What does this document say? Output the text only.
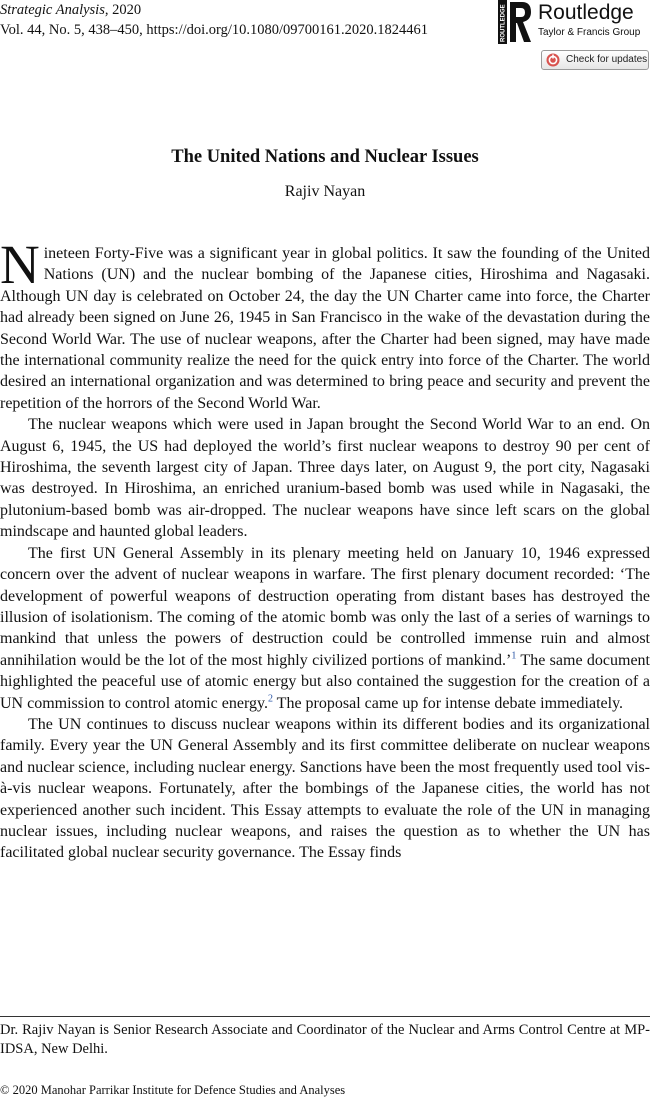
Strategic Analysis, 2020
Vol. 44, No. 5, 438–450, https://doi.org/10.1080/09700161.2020.1824461	ROUTLEDGE Routledge
Taylor & Francis Group
Check for updates
The United Nations and Nuclear Issues
Rajiv Nayan

Nineteen Forty-Five was a significant year in global politics. It saw the founding of the United Nations (UN) and the nuclear bombing of the Japanese cities, Hiroshima and Nagasaki. Although UN day is celebrated on October 24, the day the UN Charter came into force, the Charter had already been signed on June 26, 1945 in San Francisco in the wake of the devastation during the Second World War. The use of nuclear weapons, after the Charter had been signed, may have made the international community realize the need for the quick entry into force of the Charter. The world desired an international organization and was determined to bring peace and security and prevent the repetition of the horrors of the Second World War.

The nuclear weapons which were used in Japan brought the Second World War to an end. On August 6, 1945, the US had deployed the world’s first nuclear weapons to destroy 90 per cent of Hiroshima, the seventh largest city of Japan. Three days later, on August 9, the port city, Nagasaki was destroyed. In Hiroshima, an enriched uranium-based bomb was used while in Nagasaki, the plutonium-based bomb was air-dropped. The nuclear weapons have since left scars on the global mindscape and haunted global leaders.

The first UN General Assembly in its plenary meeting held on January 10, 1946 expressed concern over the advent of nuclear weapons in warfare. The first plenary document recorded: ‘The development of powerful weapons of destruction operating from distant bases has destroyed the illusion of isolationism. The coming of the atomic bomb was only the last of a series of warnings to mankind that unless the powers of destruction could be controlled immense ruin and almost annihilation would be the lot of the most highly civilized portions of mankind.’$^1$ The same document highlighted the peaceful use of atomic energy but also contained the suggestion for the creation of a UN commission to control atomic energy.$^2$ The proposal came up for intense debate immediately.

The UN continues to discuss nuclear weapons within its different bodies and its organizational family. Every year the UN General Assembly and its first committee deliberate on nuclear weapons and nuclear science, including nuclear energy. Sanctions have been the most frequently used tool vis-à-vis nuclear weapons. Fortunately, after the bombings of the Japanese cities, the world has not experienced another such incident. This Essay attempts to evaluate the role of the UN in managing nuclear issues, including nuclear weapons, and raises the question as to whether the UN has facilitated global nuclear security governance. The Essay finds

Dr. Rajiv Nayan is Senior Research Associate and Coordinator of the Nuclear and Arms Control Centre at MP-IDSA, New Delhi.
© 2020 Manohar Parrikar Institute for Defence Studies and Analyses
